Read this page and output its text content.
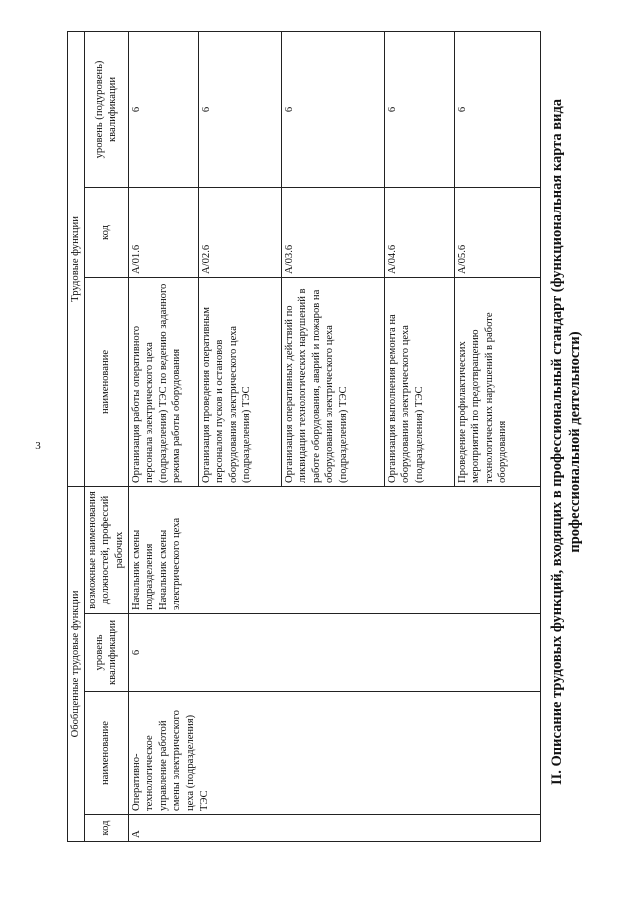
II. Описание трудовых функций, входящих в профессиональный стандарт (функциональная карта вида профессиональной деятельности)
Обобщенные трудовые функции				Трудовые функции		
код	наименование	уровень квалификации	возможные наименования должностей, профессий рабочих	наименование	код	уровень (подуровень) квалификации
А	Оперативно-технологическое управление работой смены электрического цеха (подразделения) ТЭС	6	Начальник смены подразделения
Начальник смены электрического цеха	Организация работы оперативного персонала электрического цеха (подразделения) ТЭС по ведению заданного режима работы оборудования	А/01.6	6
				Организация проведения оперативным персоналом пусков и остановов оборудования электрического цеха (подразделения) ТЭС	А/02.6	6
				Организация оперативных действий по ликвидации технологических нарушений в работе оборудования, аварий и пожаров на оборудовании электрического цеха (подразделения) ТЭС	А/03.6	6
				Организация выполнения ремонта на оборудовании электрического цеха (подразделения) ТЭС	А/04.6	6
				Проведение профилактических мероприятий по предотвращению технологических нарушений в работе оборудования	А/05.6	6
3
